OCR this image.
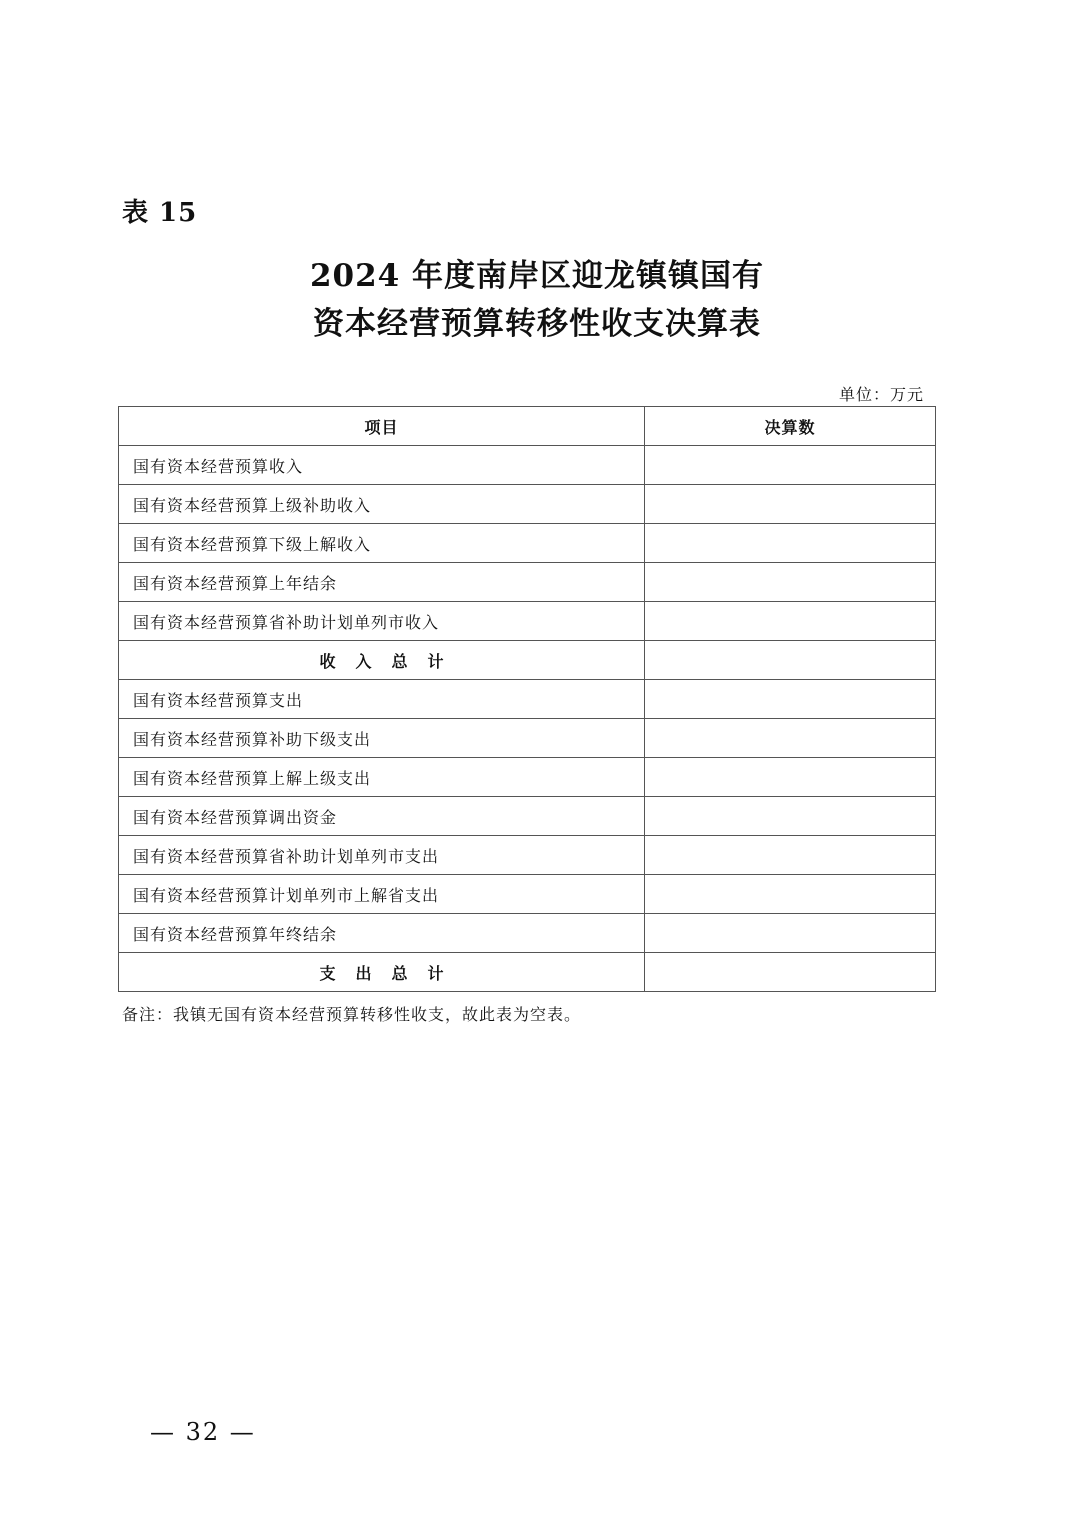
表 15
2024 年度南岸区迎龙镇镇国有
资本经营预算转移性收支决算表
单位：万元
项目	决算数
国有资本经营预算收入	
国有资本经营预算上级补助收入	
国有资本经营预算下级上解收入	
国有资本经营预算上年结余	
国有资本经营预算省补助计划单列市收入	
收入总计	
国有资本经营预算支出	
国有资本经营预算补助下级支出	
国有资本经营预算上解上级支出	
国有资本经营预算调出资金	
国有资本经营预算省补助计划单列市支出	
国有资本经营预算计划单列市上解省支出	
国有资本经营预算年终结余	
支出总计	
备注：我镇无国有资本经营预算转移性收支，故此表为空表。
— 32 —
